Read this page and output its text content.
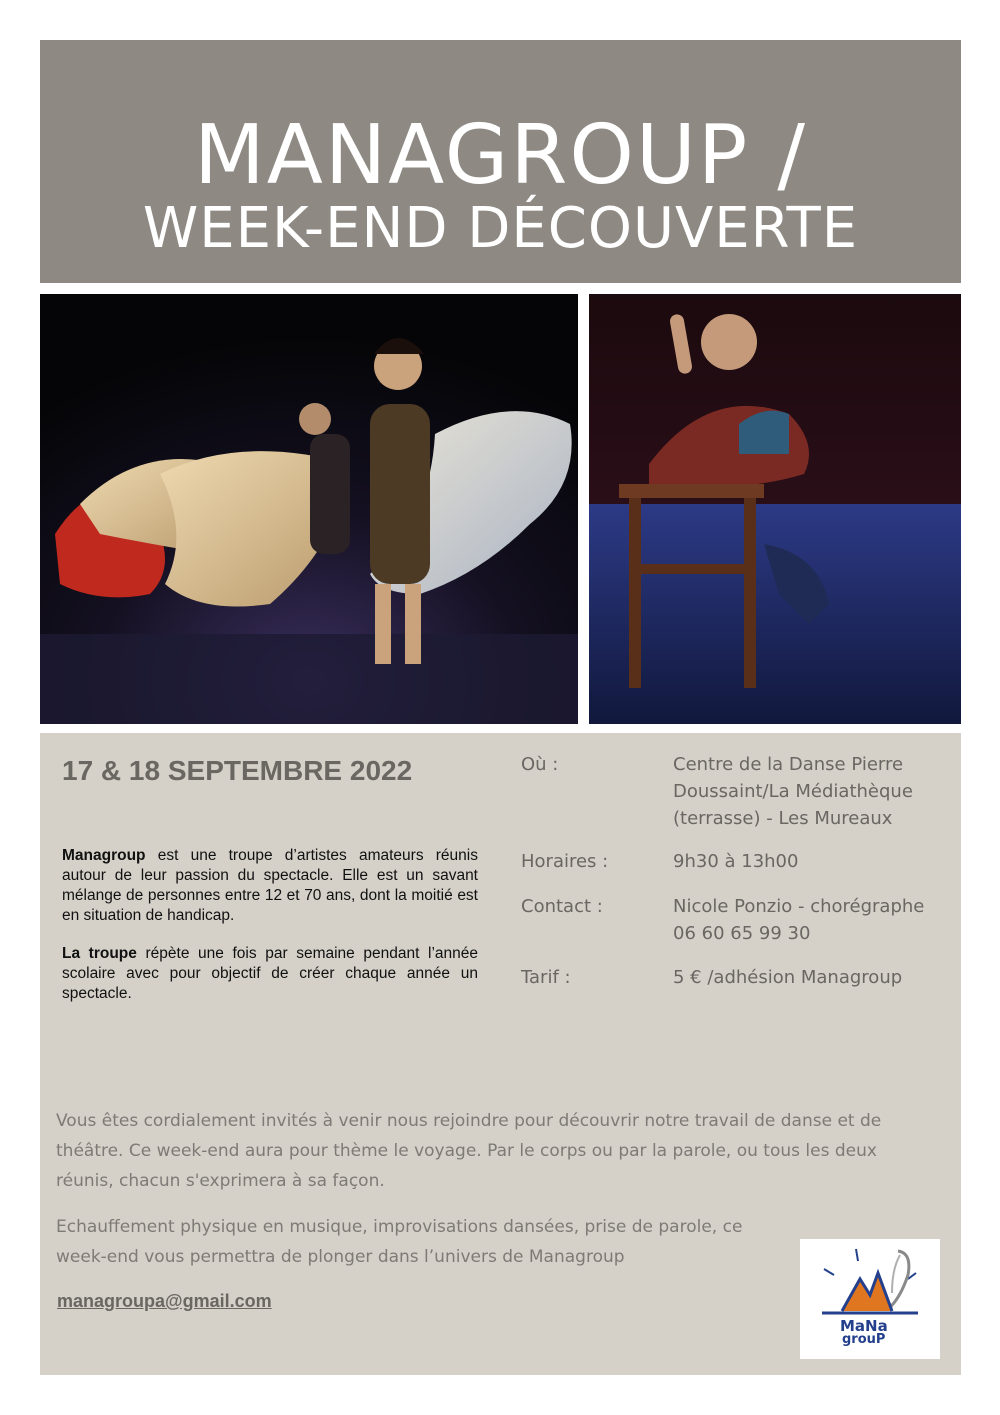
MANAGROUP /
WEEK-END DÉCOUVERTE
17 & 18 SEPTEMBRE 2022

Managroup est une troupe d’artistes amateurs réunis autour de leur passion du spectacle. Elle est un savant mélange de personnes entre 12 et 70 ans, dont la moitié est en situation de handicap.

La troupe répète une fois par semaine pendant l’année scolaire avec pour objectif de créer chaque année un spectacle.

Où :	Centre de la Danse Pierre Doussaint/La Médiathèque (terrasse) - Les Mureaux

Horaires :	9h30 à 13h00

Contact :	Nicole Ponzio - chorégraphe

06 60 65 99 30

Tarif :	5 € /adhésion Managroup

Vous êtes cordialement invités à venir nous rejoindre pour découvrir notre travail de danse et de théâtre. Ce week-end aura pour thème le voyage. Par le corps ou par la parole, ou tous les deux réunis, chacun s'exprimera à sa façon.

Echauffement physique en musique, improvisations dansées, prise de parole, ce week-end vous permettra de plonger dans l’univers de Managroup

managroupa@gmail.com
MaNa
grouP
